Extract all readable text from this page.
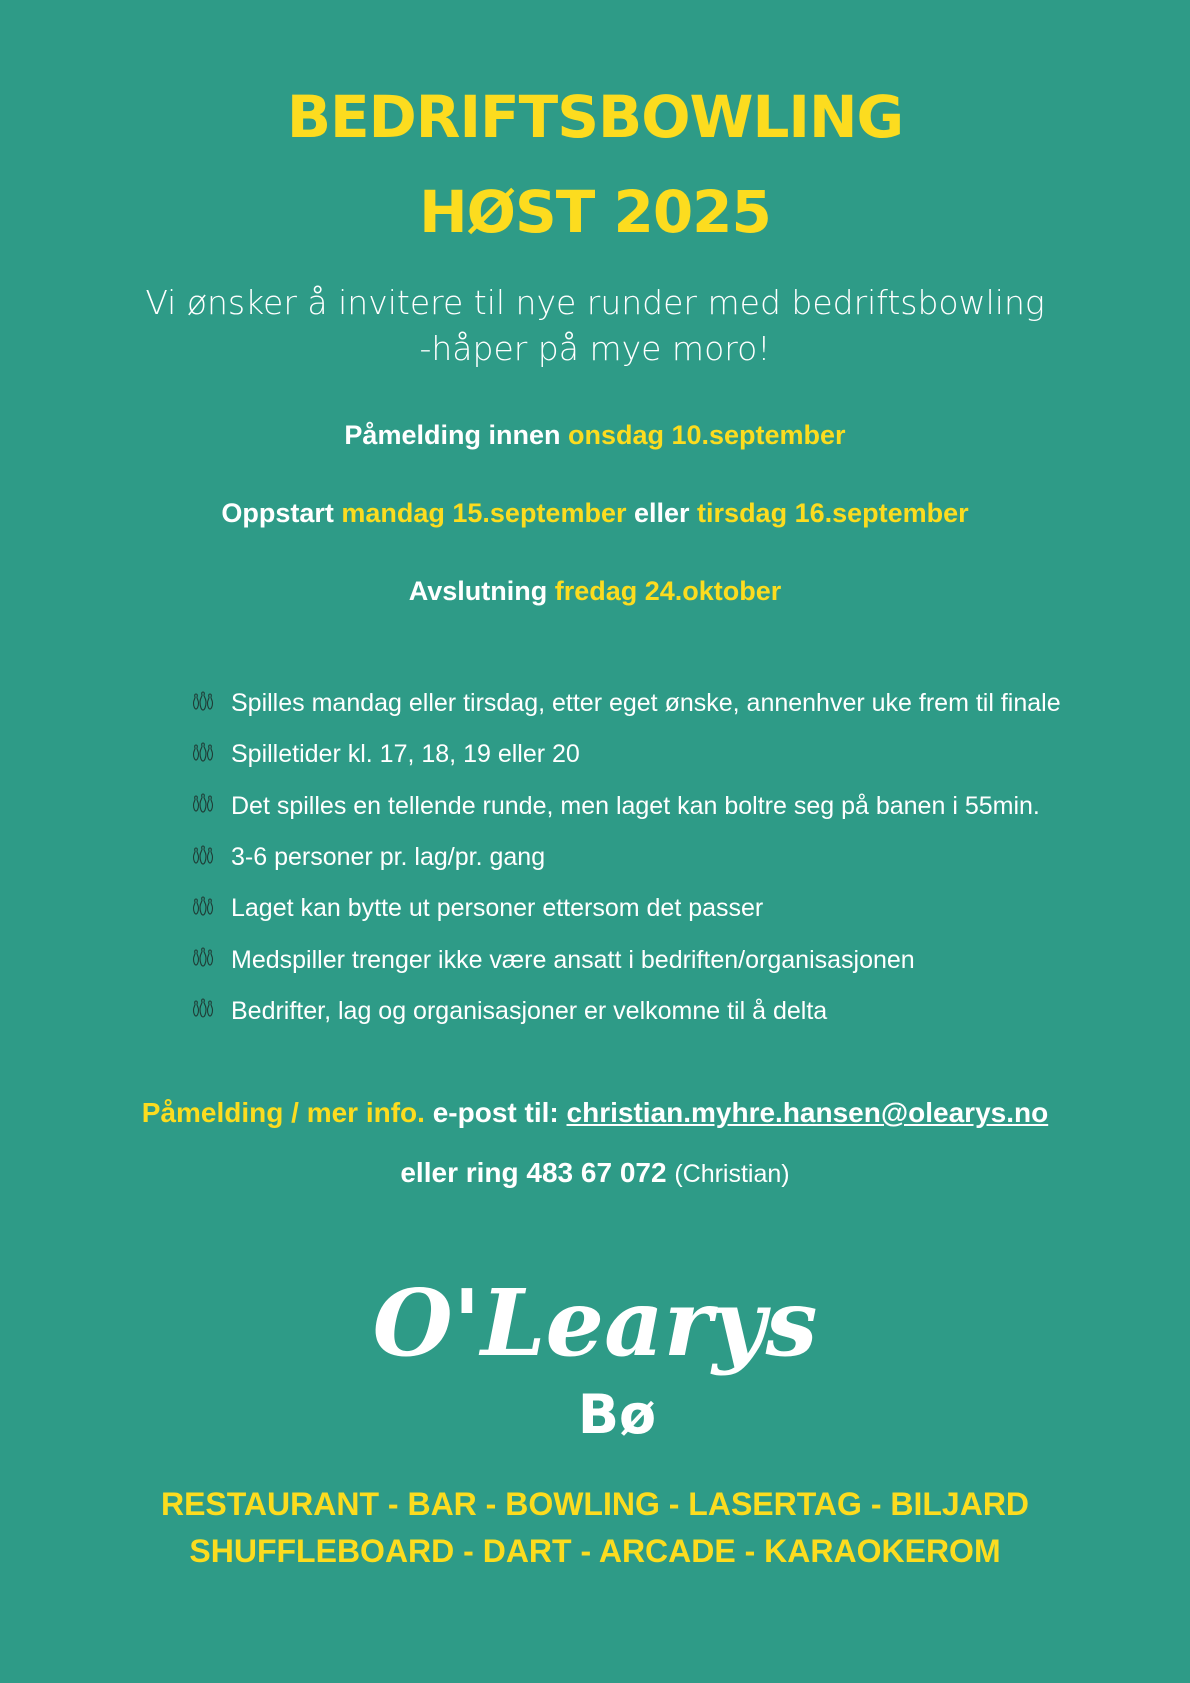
BEDRIFTSBOWLING
HØST 2025
Vi ønsker å invitere til nye runder med bedriftsbowling
-håper på mye moro!
Påmelding innen onsdag 10.september
Oppstart mandag 15.september eller tirsdag 16.september
Avslutning fredag 24.oktober
Spilles mandag eller tirsdag, etter eget ønske, annenhver uke frem til finale
Spilletider kl. 17, 18, 19 eller 20
Det spilles en tellende runde, men laget kan boltre seg på banen i 55min.
3-6 personer pr. lag/pr. gang
Laget kan bytte ut personer ettersom det passer
Medspiller trenger ikke være ansatt i bedriften/organisasjonen
Bedrifter, lag og organisasjoner er velkomne til å delta
Påmelding / mer info. e-post til: christian.myhre.hansen@olearys.no
eller ring 483 67 072 (Christian)
O'Learys
Bø
RESTAURANT - BAR - BOWLING - LASERTAG - BILJARD
SHUFFLEBOARD - DART - ARCADE - KARAOKEROM
